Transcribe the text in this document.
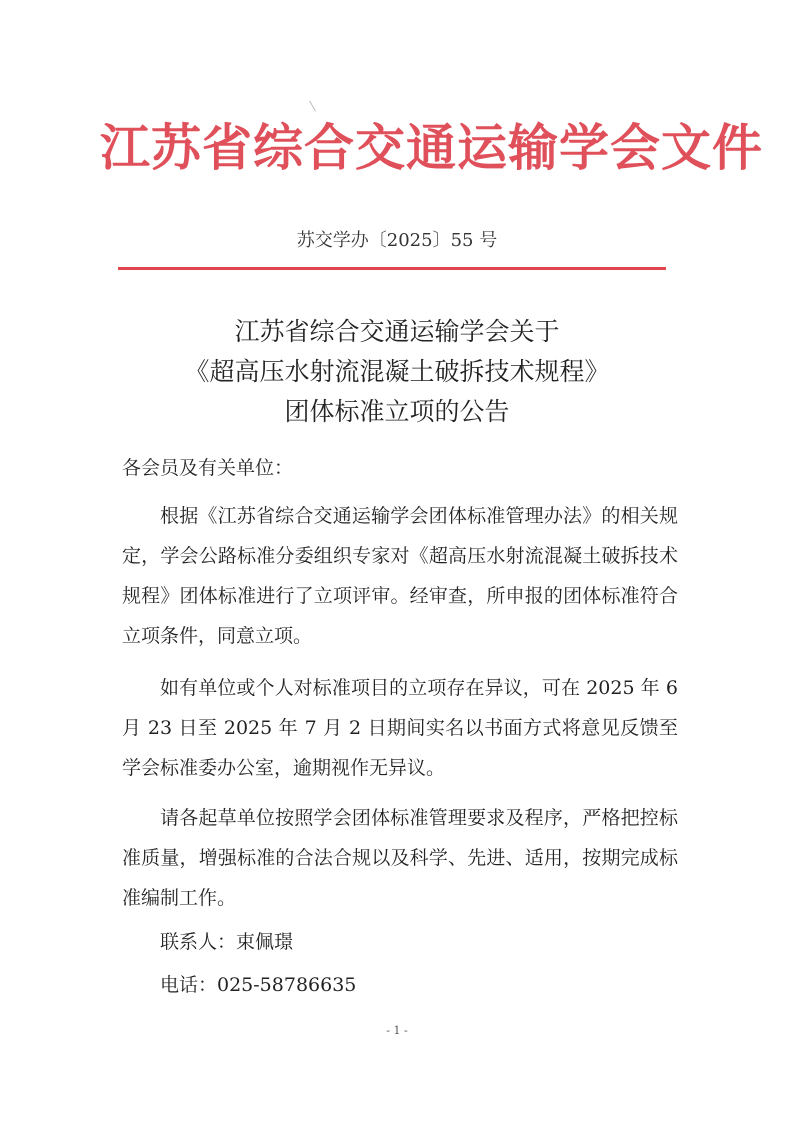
江苏省综合交通运输学会文件
苏交学办〔2025〕55 号
江苏省综合交通运输学会关于
《超高压水射流混凝土破拆技术规程》
团体标准立项的公告
各会员及有关单位：
根据《江苏省综合交通运输学会团体标准管理办法》的相关规定，学会公路标准分委组织专家对《超高压水射流混凝土破拆技术规程》团体标准进行了立项评审。经审查，所申报的团体标准符合立项条件，同意立项。
如有单位或个人对标准项目的立项存在异议，可在 2025 年 6 月 23 日至 2025 年 7 月 2 日期间实名以书面方式将意见反馈至学会标准委办公室，逾期视作无异议。
请各起草单位按照学会团体标准管理要求及程序，严格把控标准质量，增强标准的合法合规以及科学、先进、适用，按期完成标准编制工作。
联系人：束佩璟
电话：025-58786635
- 1 -
